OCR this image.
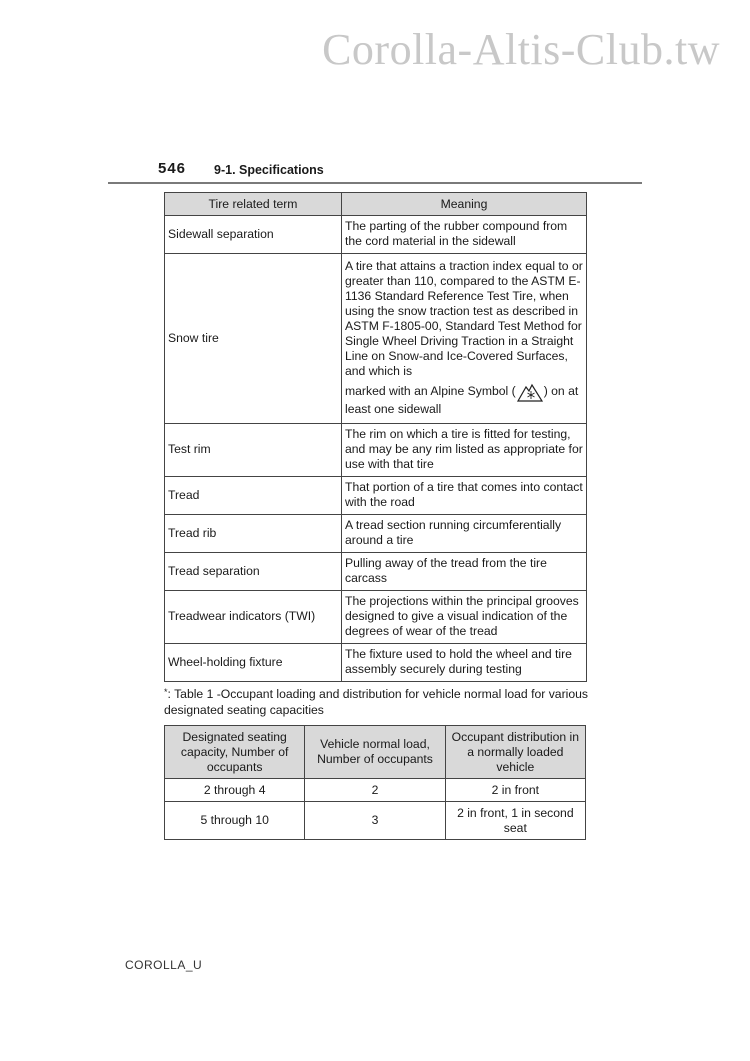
Corolla-Altis-Club.tw
546 9-1. Specifications
Tire related term	Meaning
Sidewall separation	The parting of the rubber compound from the cord material in the sidewall
Snow tire	A tire that attains a traction index equal to or greater than 110, compared to the ASTM E-1136 Standard Reference Test Tire, when using the snow traction test as described in ASTM F-1805-00, Standard Test Method for Single Wheel Driving Traction in a Straight Line on Snow-and Ice-Covered Surfaces, and which is
marked with an Alpine Symbol ( ) on at least one sidewall
Test rim	The rim on which a tire is fitted for testing, and may be any rim listed as appropriate for use with that tire
Tread	That portion of a tire that comes into contact with the road
Tread rib	A tread section running circumferentially around a tire
Tread separation	Pulling away of the tread from the tire carcass
Treadwear indicators (TWI)	The projections within the principal grooves designed to give a visual indication of the degrees of wear of the tread
Wheel-holding fixture	The fixture used to hold the wheel and tire assembly securely during testing
*: Table 1 -Occupant loading and distribution for vehicle normal load for various designated seating capacities
Designated seating capacity, Number of occupants	Vehicle normal load, Number of occupants	Occupant distribution in a normally loaded vehicle
2 through 4	2	2 in front
5 through 10	3	2 in front, 1 in second seat
COROLLA_U
